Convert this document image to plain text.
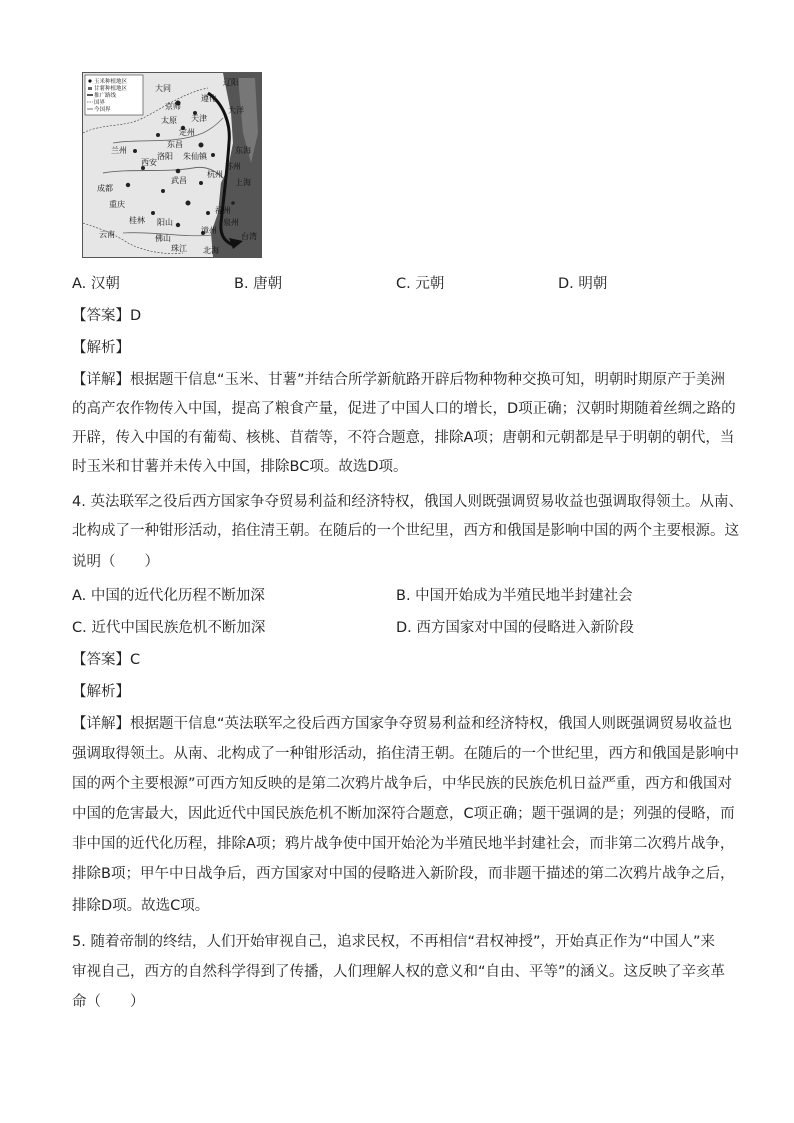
玉米种植地区
甘薯种植地区
推广路线
国界
今国界
辽阳
京师
遵化
大同
天津
太原
定州
东昌
兰州
朱仙镇
西安
洛阳
成都
重庆
武昌
苏州
杭州
福州
漳州
泉州
桂林 阳山
佛山
云南	台湾
上海
东海
大洋
珠江 北海
A. 汉朝	B. 唐朝	C. 元朝	D. 明朝
【答案】D
【解析】
【详解】根据题干信息“玉米、甘薯”并结合所学新航路开辟后物种物种交换可知，明朝时期原产于美洲
的高产农作物传入中国，提高了粮食产量，促进了中国人口的增长，D项正确；汉朝时期随着丝绸之路的
开辟，传入中国的有葡萄、核桃、苜蓿等，不符合题意，排除A项；唐朝和元朝都是早于明朝的朝代，当
时玉米和甘薯并未传入中国，排除BC项。故选D项。
4. 英法联军之役后西方国家争夺贸易利益和经济特权，俄国人则既强调贸易收益也强调取得领土。从南、
北构成了一种钳形活动，掐住清王朝。在随后的一个世纪里，西方和俄国是影响中国的两个主要根源。这
说明（　　）
A. 中国的近代化历程不断加深	B. 中国开始成为半殖民地半封建社会
C. 近代中国民族危机不断加深	D. 西方国家对中国的侵略进入新阶段
【答案】C
【解析】
【详解】根据题干信息“英法联军之役后西方国家争夺贸易利益和经济特权，俄国人则既强调贸易收益也
强调取得领土。从南、北构成了一种钳形活动，掐住清王朝。在随后的一个世纪里，西方和俄国是影响中
国的两个主要根源”可西方知反映的是第二次鸦片战争后，中华民族的民族危机日益严重，西方和俄国对
中国的危害最大，因此近代中国民族危机不断加深符合题意，C项正确；题干强调的是；列强的侵略，而
非中国的近代化历程，排除A项；鸦片战争使中国开始沦为半殖民地半封建社会，而非第二次鸦片战争，
排除B项；甲午中日战争后，西方国家对中国的侵略进入新阶段，而非题干描述的第二次鸦片战争之后，
排除D项。故选C项。
5. 随着帝制的终结，人们开始审视自己，追求民权，不再相信“君权神授”，开始真正作为“中国人”来
审视自己，西方的自然科学得到了传播，人们理解人权的意义和“自由、平等”的涵义。这反映了辛亥革
命（　　）
